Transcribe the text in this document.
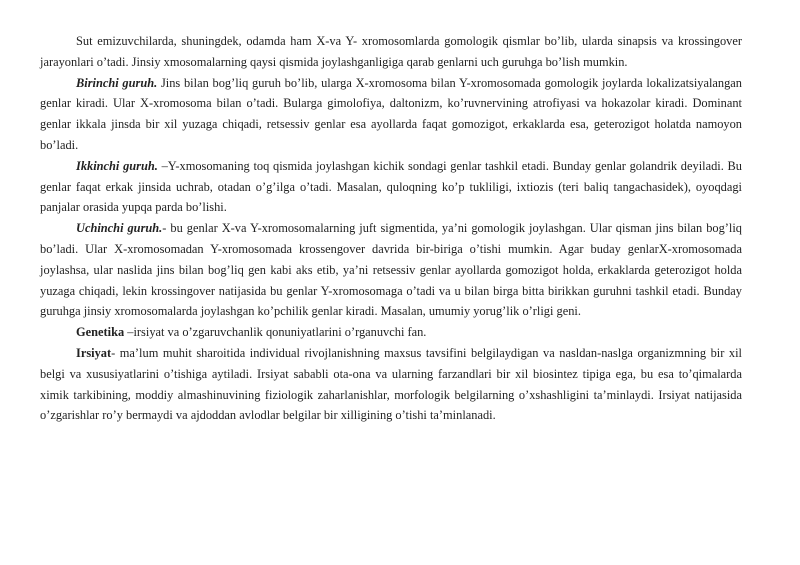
Sut emizuvchilarda, shuningdek, odamda ham X-va Y- xromosomlarda gomologik qismlar bo’lib, ularda sinapsis va krossingover jarayonlari o’tadi. Jinsiy xmosomalarning qaysi qismida joylashganligiga qarab genlarni uch guruhga bo’lish mumkin.

Birinchi guruh. Jins bilan bog’liq guruh bo’lib, ularga X-xromosoma bilan Y-xromosomada gomologik joylarda lokalizatsiyalangan genlar kiradi. Ular X-xromosoma bilan o’tadi. Bularga gimolofiya, daltonizm, ko’ruvnervining atrofiyasi va hokazolar kiradi. Dominant genlar ikkala jinsda bir xil yuzaga chiqadi, retsessiv genlar esa ayollarda faqat gomozigot, erkaklarda esa, geterozigot holatda namoyon bo’ladi.

Ikkinchi guruh. –Y-xmosomaning toq qismida joylashgan kichik sondagi genlar tashkil etadi. Bunday genlar golandrik deyiladi. Bu genlar faqat erkak jinsida uchrab, otadan o’g’ilga o’tadi. Masalan, quloqning ko’p tukliligi, ixtiozis (teri baliq tangachasidek), oyoqdagi panjalar orasida yupqa parda bo’lishi.

Uchinchi guruh.- bu genlar X-va Y-xromosomalarning juft sigmentida, ya’ni gomologik joylashgan. Ular qisman jins bilan bog’liq bo’ladi. Ular X-xromosomadan Y-xromosomada krossengover davrida bir-biriga o’tishi mumkin. Agar buday genlarX-xromosomada joylashsa, ular naslida jins bilan bog’liq gen kabi aks etib, ya’ni retsessiv genlar ayollarda gomozigot holda, erkaklarda geterozigot holda yuzaga chiqadi, lekin krossingover natijasida bu genlar Y-xromosomaga o’tadi va u bilan birga bitta birikkan guruhni tashkil etadi. Bunday guruhga jinsiy xromosomalarda joylashgan ko’pchilik genlar kiradi. Masalan, umumiy yorug’lik o’rligi geni.

Genetika –irsiyat va o’zgaruvchanlik qonuniyatlarini o’rganuvchi fan.

Irsiyat- ma’lum muhit sharoitida individual rivojlanishning maxsus tavsifini belgilaydigan va nasldan-naslga organizmning bir xil belgi va xususiyatlarini o’tishiga aytiladi. Irsiyat sababli ota-ona va ularning farzandlari bir xil biosintez tipiga ega, bu esa to’qimalarda ximik tarkibining, moddiy almashinuvining fiziologik zaharlanishlar, morfologik belgilarning o’xshashligini ta’minlaydi. Irsiyat natijasida o’zgarishlar ro’y bermaydi va ajdoddan avlodlar belgilar bir xilligining o’tishi ta’minlanadi.
